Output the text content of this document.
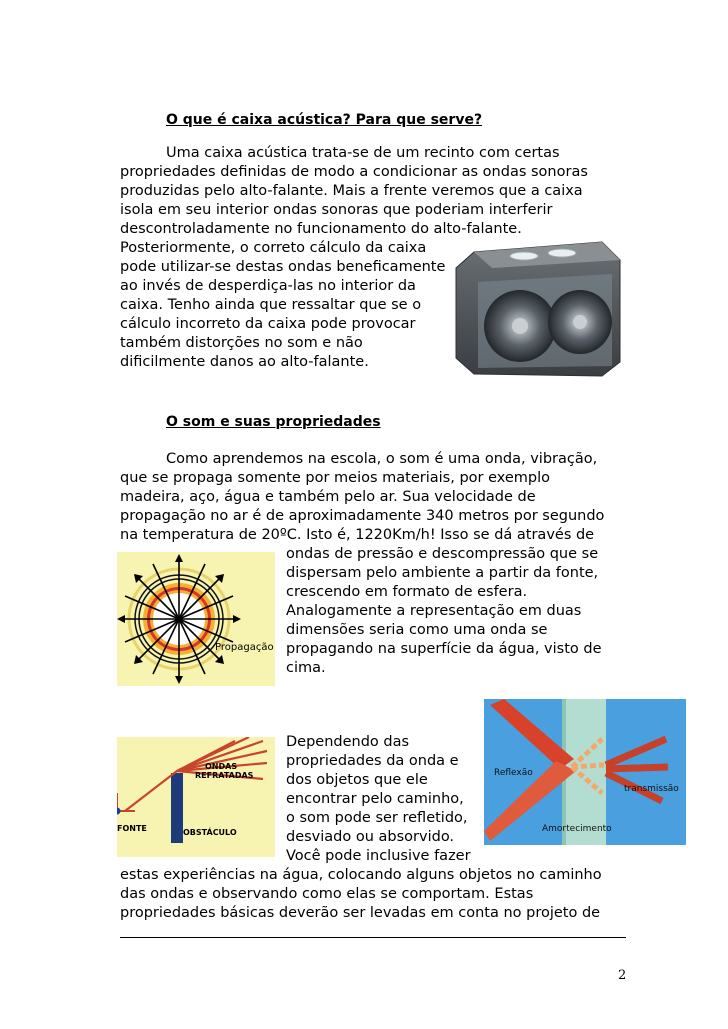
O que é caixa acústica? Para que serve?
Uma caixa acústica trata-se de um recinto com certas
propriedades definidas de modo a condicionar as ondas sonoras
produzidas pelo alto-falante. Mais a frente veremos que a caixa
isola em seu interior ondas sonoras que poderiam interferir
descontroladamente no funcionamento do alto-falante.
Posteriormente, o correto cálculo da caixa
pode utilizar-se destas ondas beneficamente
ao invés de desperdiça-las no interior da
caixa. Tenho ainda que ressaltar que se o
cálculo incorreto da caixa pode provocar
também distorções no som e não
dificilmente danos ao alto-falante.
O som e suas propriedades
Como aprendemos na escola, o som é uma onda, vibração,
que se propaga somente por meios materiais, por exemplo
madeira, aço, água e também pelo ar. Sua velocidade de
propagação no ar é de aproximadamente 340 metros por segundo
na temperatura de 20ºC. Isto é, 1220Km/h! Isso se dá através de
ondas de pressão e descompressão que se
dispersam pelo ambiente a partir da fonte,
crescendo em formato de esfera.
Analogamente a representação em duas
dimensões seria como uma onda se
propagando na superfície da água, visto de
cima.
Propagação
ONDAS
REFRATADAS
FONTE	OBSTÁCULO
Reflexão
transmissão
Amortecimento
Dependendo das
propriedades da onda e
dos objetos que ele
encontrar pelo caminho,
o som pode ser refletido,
desviado ou absorvido.
Você pode inclusive fazer
estas experiências na água, colocando alguns objetos no caminho
das ondas e observando como elas se comportam. Estas
propriedades básicas deverão ser levadas em conta no projeto de
2
